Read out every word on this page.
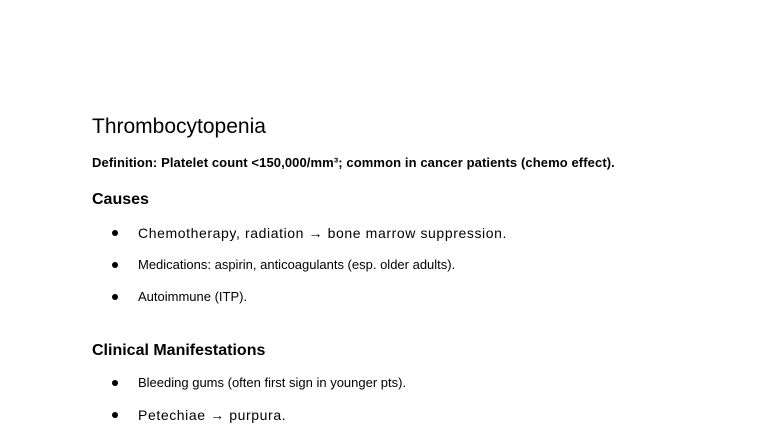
Thrombocytopenia

Definition: Platelet count <150,000/mm³; common in cancer patients (chemo effect).

Causes
Chemotherapy, radiation → bone marrow suppression.
Medications: aspirin, anticoagulants (esp. older adults).
Autoimmune (ITP).
Clinical Manifestations
Bleeding gums (often first sign in younger pts).
Petechiae → purpura.
